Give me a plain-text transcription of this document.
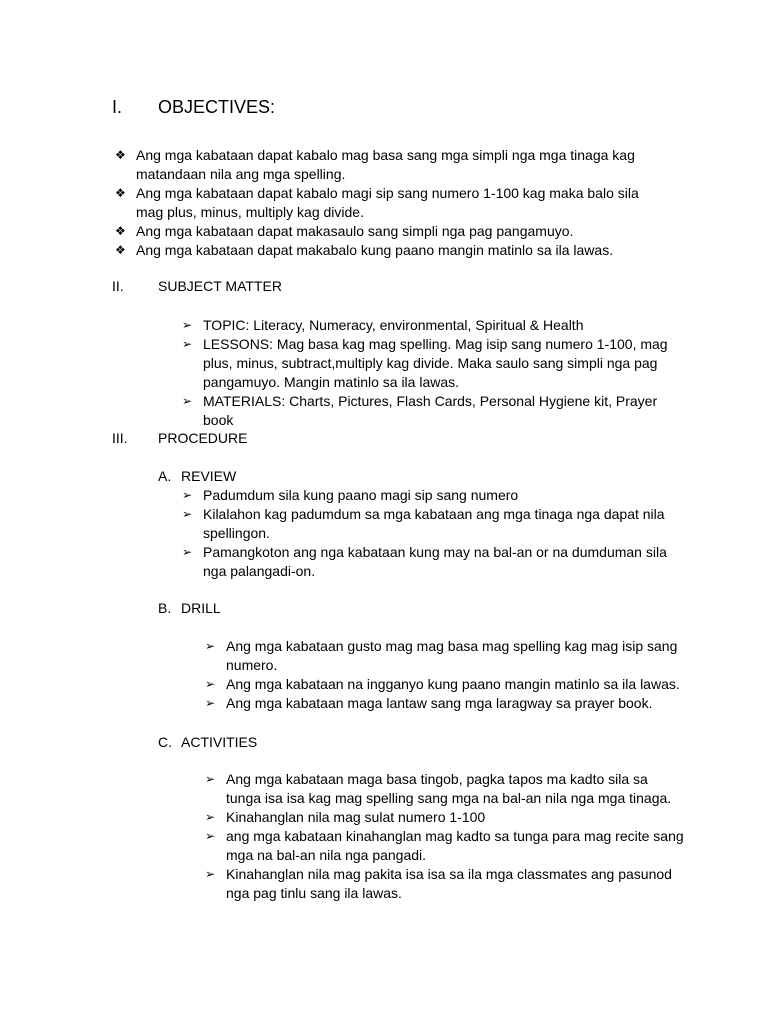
I.	OBJECTIVES:
❖ Ang mga kabataan dapat kabalo mag basa sang mga simpli nga mga tinaga kag matandaan nila ang mga spelling.
❖ Ang mga kabataan dapat kabalo magi sip sang numero 1-100 kag maka balo sila mag plus, minus, multiply kag divide.
❖ Ang mga kabataan dapat makasaulo sang simpli nga pag pangamuyo.
❖ Ang mga kabataan dapat makabalo kung paano mangin matinlo sa ila lawas.
II.	SUBJECT MATTER
➢ TOPIC: Literacy, Numeracy, environmental, Spiritual & Health
➢ LESSONS: Mag basa kag mag spelling. Mag isip sang numero 1-100, mag plus, minus, subtract,multiply kag divide. Maka saulo sang simpli nga pag pangamuyo. Mangin matinlo sa ila lawas.
➢ MATERIALS: Charts, Pictures, Flash Cards, Personal Hygiene kit, Prayer book
III.	PROCEDURE
A. REVIEW
➢ Padumdum sila kung paano magi sip sang numero
➢ Kilalahon kag padumdum sa mga kabataan ang mga tinaga nga dapat nila spellingon.
➢ Pamangkoton ang nga kabataan kung may na bal-an or na dumduman sila nga palangadi-on.
B. DRILL
➢ Ang mga kabataan gusto mag mag basa mag spelling kag mag isip sang numero.
➢ Ang mga kabataan na ingganyo kung paano mangin matinlo sa ila lawas.
➢ Ang mga kabataan maga lantaw sang mga laragway sa prayer book.
C. ACTIVITIES
➢ Ang mga kabataan maga basa tingob, pagka tapos ma kadto sila sa tunga isa isa kag mag spelling sang mga na bal-an nila nga mga tinaga.
➢ Kinahanglan nila mag sulat numero 1-100
➢ ang mga kabataan kinahanglan mag kadto sa tunga para mag recite sang mga na bal-an nila nga pangadi.
➢ Kinahanglan nila mag pakita isa isa sa ila mga classmates ang pasunod nga pag tinlu sang ila lawas.
